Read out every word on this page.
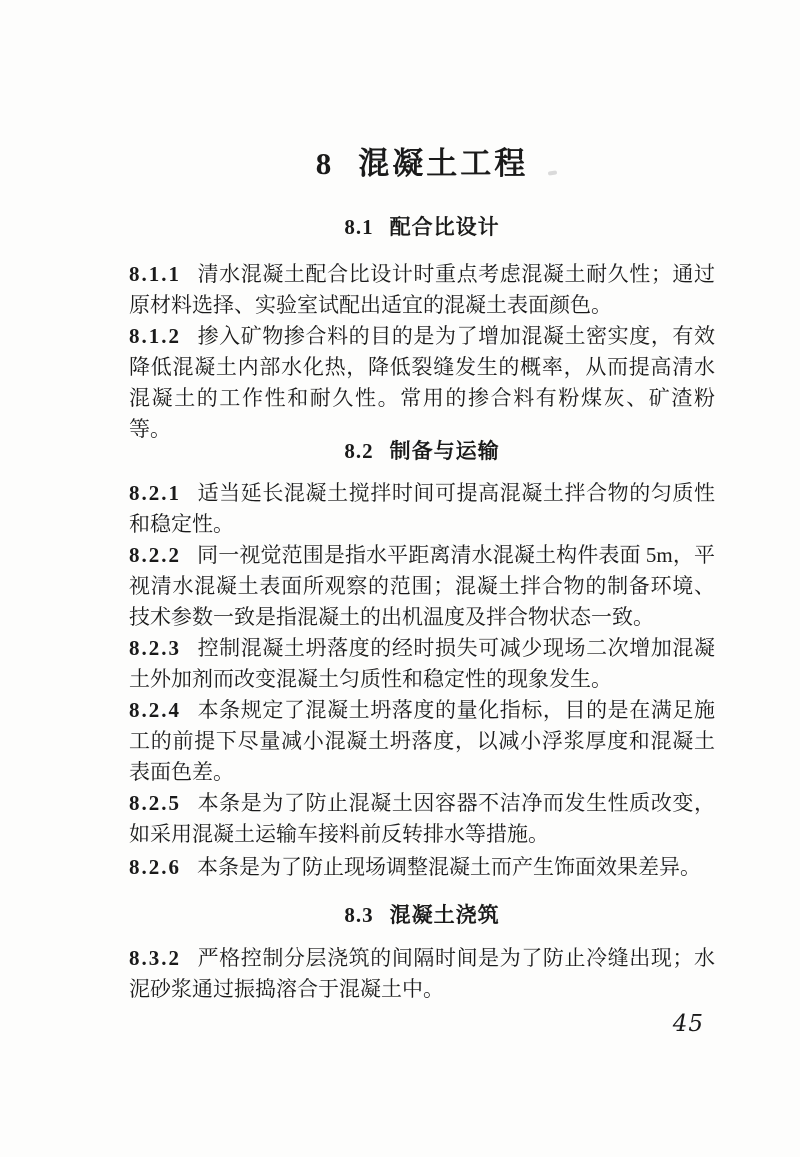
8 混凝土工程
8.1 配合比设计

8.1.1 清水混凝土配合比设计时重点考虑混凝土耐久性；通过原材料选择、实验室试配出适宜的混凝土表面颜色。

8.1.2 掺入矿物掺合料的目的是为了增加混凝土密实度，有效降低混凝土内部水化热，降低裂缝发生的概率，从而提高清水混凝土的工作性和耐久性。常用的掺合料有粉煤灰、矿渣粉等。

8.2 制备与运输

8.2.1 适当延长混凝土搅拌时间可提高混凝土拌合物的匀质性和稳定性。

8.2.2 同一视觉范围是指水平距离清水混凝土构件表面 5m，平视清水混凝土表面所观察的范围；混凝土拌合物的制备环境、技术参数一致是指混凝土的出机温度及拌合物状态一致。

8.2.3 控制混凝土坍落度的经时损失可减少现场二次增加混凝土外加剂而改变混凝土匀质性和稳定性的现象发生。

8.2.4 本条规定了混凝土坍落度的量化指标，目的是在满足施工的前提下尽量减小混凝土坍落度，以减小浮浆厚度和混凝土表面色差。

8.2.5 本条是为了防止混凝土因容器不洁净而发生性质改变，如采用混凝土运输车接料前反转排水等措施。

8.2.6 本条是为了防止现场调整混凝土而产生饰面效果差异。

8.3 混凝土浇筑

8.3.2 严格控制分层浇筑的间隔时间是为了防止冷缝出现；水泥砂浆通过振捣溶合于混凝土中。

45
